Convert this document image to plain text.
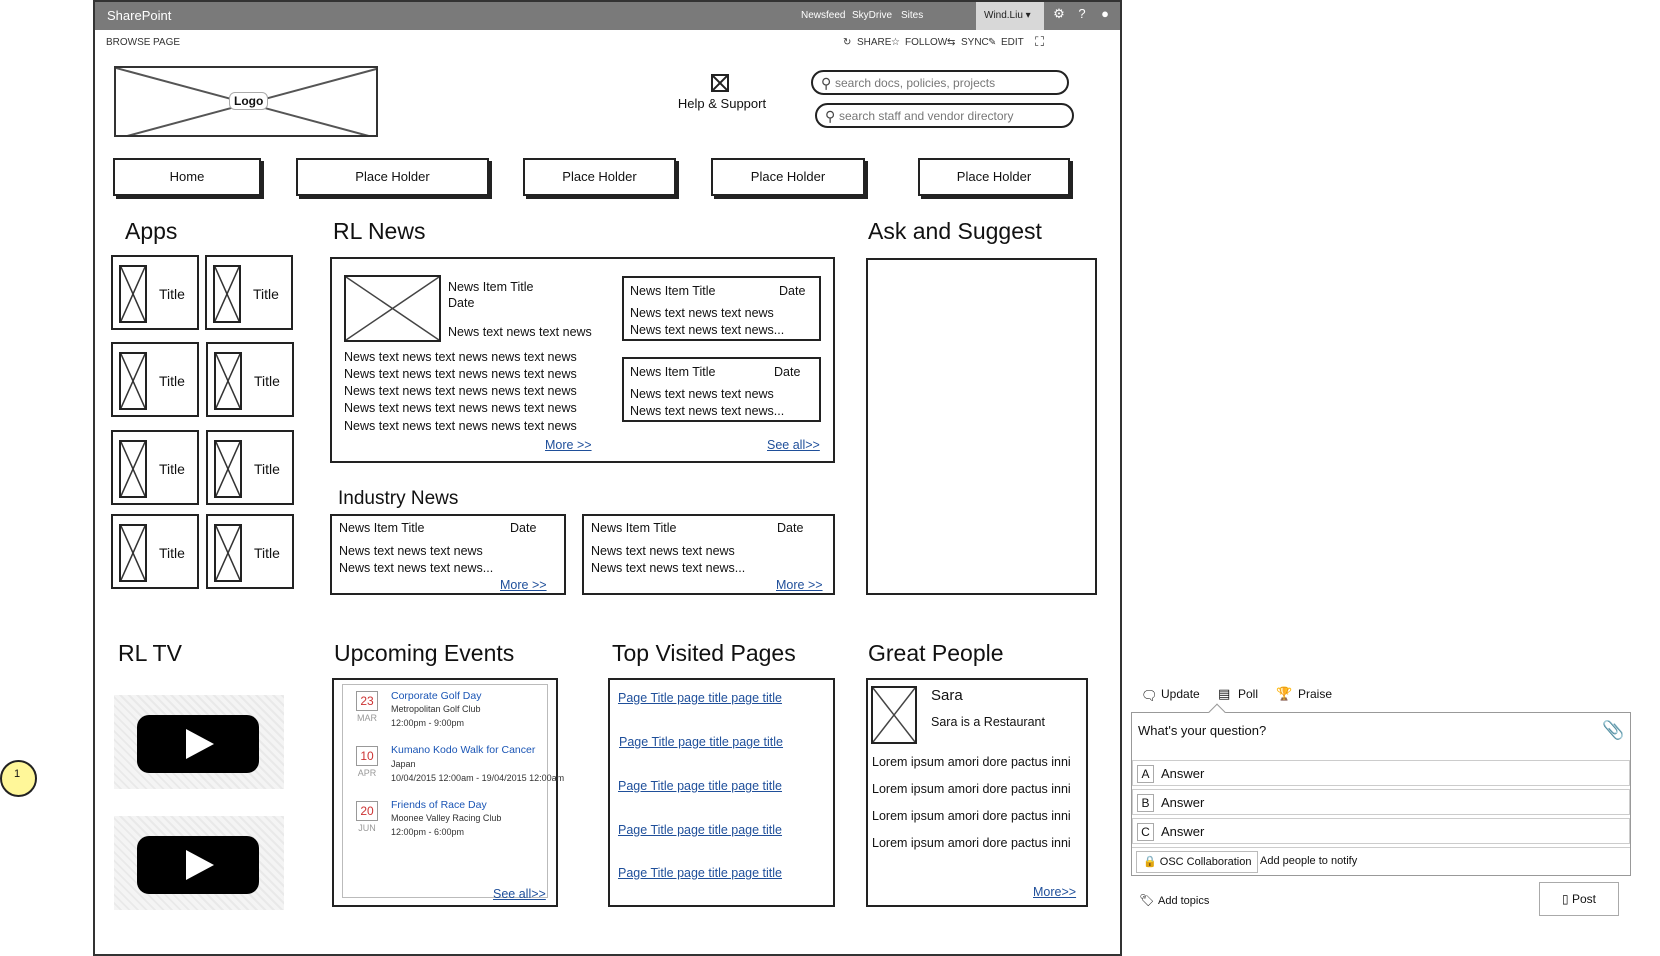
SharePoint	Newsfeed SkyDrive Sites	Wind.Liu ▾	⚙	?	●
BROWSE PAGE	↻ SHARE ☆ FOLLOW ⇆ SYNC ✎ EDIT ⛶
Logo	Help & Support
⚲ search docs, policies, projects
⚲ search staff and vendor directory
Home	Place Holder	Place Holder	Place Holder	Place Holder
Apps
Title	Title
Title	Title
Title	Title
Title	Title
RL News
News Item Title
Date
News text news text news
News text news text news news text news
News text news text news news text news
News text news text news news text news
News text news text news news text news
News text news text news news text news
More >>
News Item Title	Date
News text news text news
News text news text news...
News Item Title	Date
News text news text news
News text news text news...
See all>>
Industry News
News Item Title	Date
News text news text news
News text news text news...
More >>
News Item Title	Date
News text news text news
News text news text news...
More >>
Ask and Suggest
RL TV	Upcoming Events
23
MAR
Corporate Golf Day
Metropolitan Golf Club
12:00pm - 9:00pm
10
APR
Kumano Kodo Walk for Cancer
Japan
10/04/2015 12:00am - 19/04/2015 12:00am
20
JUN
Friends of Race Day
Moonee Valley Racing Club
12:00pm - 6:00pm
See all>>
Top Visited Pages
Page Title page title page title
Page Title page title page title
Page Title page title page title
Page Title page title page title
Page Title page title page title
Great People
Sara
Sara is a Restaurant
Lorem ipsum amori dore pactus inni
Lorem ipsum amori dore pactus inni
Lorem ipsum amori dore pactus inni
Lorem ipsum amori dore pactus inni
More>>
1
🗨 Update ▤ Poll 🏆 Praise
What's your question?	📎
A Answer
B Answer
C Answer
🔒 OSC Collaboration Add people to notify
🏷 Add topics	▯ Post
